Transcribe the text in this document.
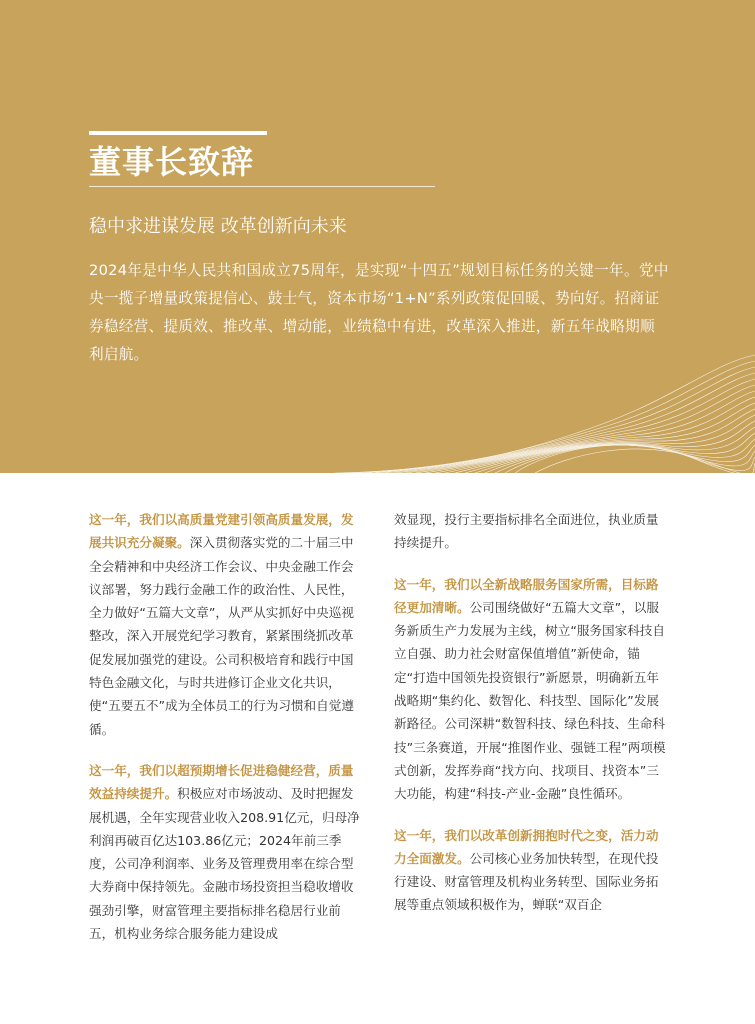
董事长致辞
稳中求进谋发展 改革创新向未来

2024年是中华人民共和国成立75周年，是实现“十四五”规划目标任务的关键一年。党中央一揽子增量政策提信心、鼓士气，资本市场“1+N”系列政策促回暖、势向好。招商证券稳经营、提质效、推改革、增动能，业绩稳中有进，改革深入推进，新五年战略期顺利启航。

这一年，我们以高质量党建引领高质量发展，发展共识充分凝聚。深入贯彻落实党的二十届三中全会精神和中央经济工作会议、中央金融工作会议部署，努力践行金融工作的政治性、人民性，全力做好“五篇大文章”，从严从实抓好中央巡视整改，深入开展党纪学习教育，紧紧围绕抓改革促发展加强党的建设。公司积极培育和践行中国特色金融文化，与时共进修订企业文化共识，使“五要五不”成为全体员工的行为习惯和自觉遵循。

这一年，我们以超预期增长促进稳健经营，质量效益持续提升。积极应对市场波动、及时把握发展机遇，全年实现营业收入208.91亿元，归母净利润再破百亿达103.86亿元；2024年前三季度，公司净利润率、业务及管理费用率在综合型大券商中保持领先。金融市场投资担当稳收增收强劲引擎，财富管理主要指标排名稳居行业前五，机构业务综合服务能力建设成

效显现，投行主要指标排名全面进位，执业质量持续提升。

这一年，我们以全新战略服务国家所需，目标路径更加清晰。公司围绕做好“五篇大文章”，以服务新质生产力发展为主线，树立“服务国家科技自立自强、助力社会财富保值增值”新使命，锚定“打造中国领先投资银行”新愿景，明确新五年战略期“集约化、数智化、科技型、国际化”发展新路径。公司深耕“数智科技、绿色科技、生命科技”三条赛道，开展“推图作业、强链工程”两项模式创新，发挥券商“找方向、找项目、找资本”三大功能，构建“科技-产业-金融”良性循环。

这一年，我们以改革创新拥抱时代之变，活力动力全面激发。公司核心业务加快转型，在现代投行建设、财富管理及机构业务转型、国际业务拓展等重点领域积极作为，蝉联“双百企
